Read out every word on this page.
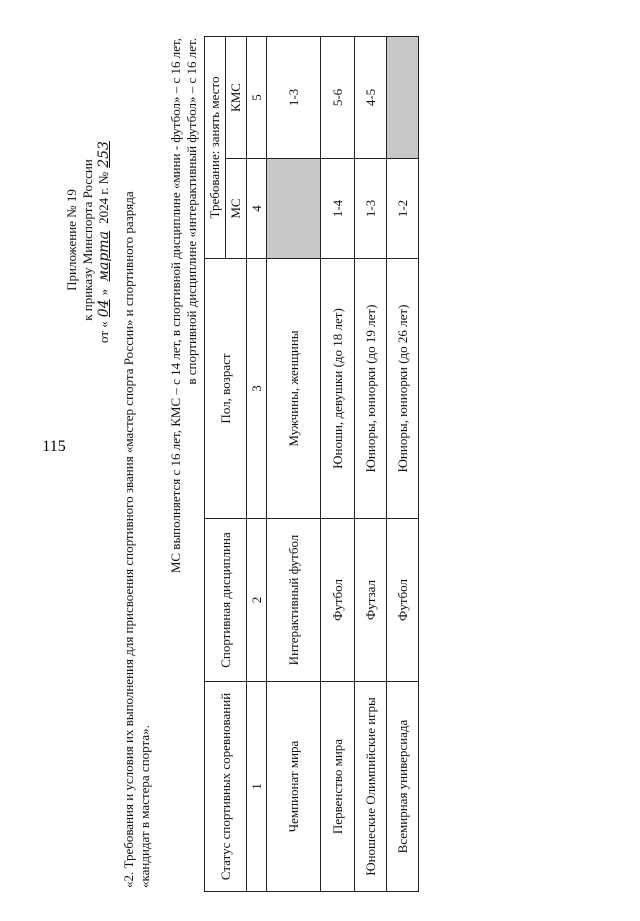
115
Приложение № 19 к приказу Минспорта России
от «04» марта 2024 г. №253
«2. Требования и условия их выполнения для присвоения спортивного звания «мастер спорта России» и спортивного разряда «кандидат в мастера спорта».
МС выполняется с 16 лет, КМС – с 14 лет, в спортивной дисциплине «мини - футбол» – с 16 лет, в спортивной дисциплине «интерактивный футбол» – с 16 лет.
Статус спортивных соревнований	Спортивная дисциплина	Пол, возраст	Требование: занять место	
			МС	КМС
1	2	3	4	5
Чемпионат мира	Интерактивный футбол	Мужчины, женщины		1-3
Первенство мира	Футбол	Юноши, девушки (до 18 лет)	1-4	5-6
Юношеские Олимпийские игры	Футзал	Юниоры, юниорки (до 19 лет)	1-3	4-5
Всемирная универсиада	Футбол	Юниоры, юниорки (до 26 лет)	1-2	
